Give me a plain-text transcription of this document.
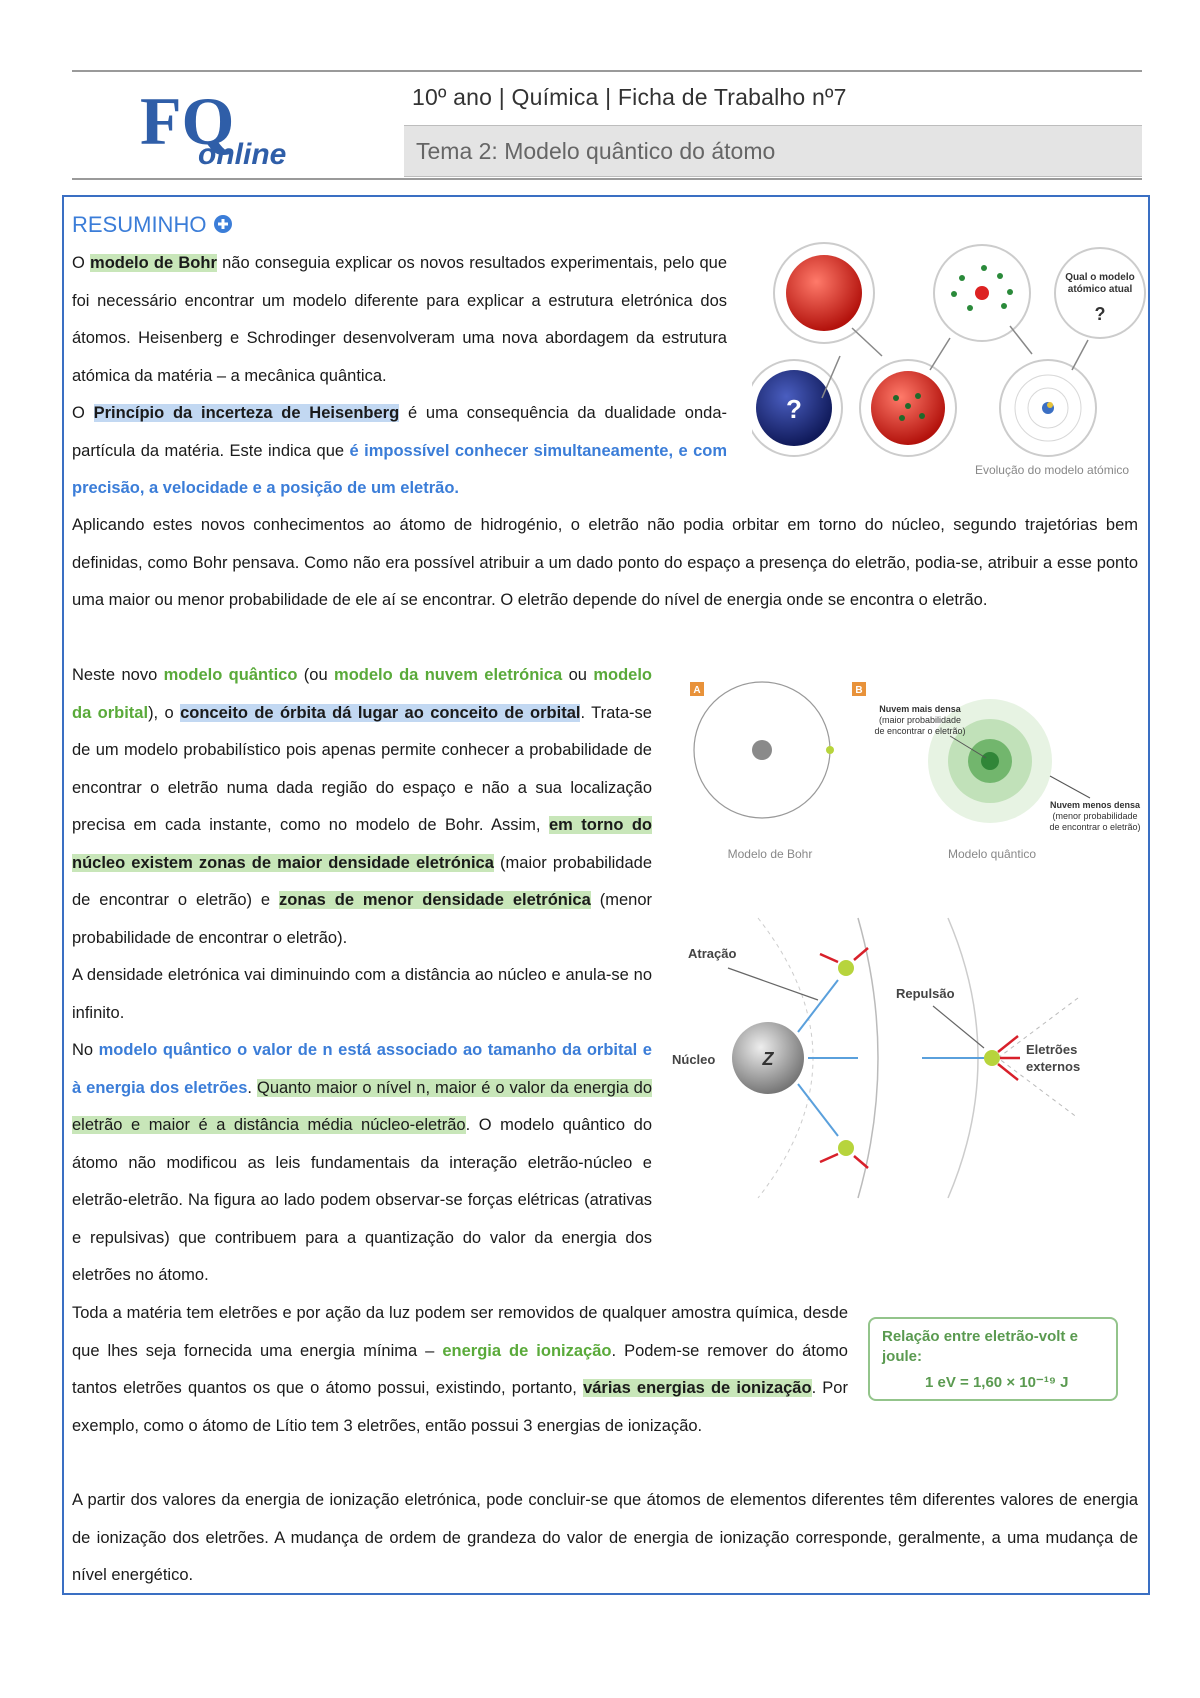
FQ
online
10º ano | Química | Ficha de Trabalho nº7
Tema 2: Modelo quântico do átomo
RESUMINHO

O modelo de Bohr não conseguia explicar os novos resultados experimentais, pelo que foi necessário encontrar um modelo diferente para explicar a estrutura eletrónica dos átomos. Heisenberg e Schrodinger desenvolveram uma nova abordagem da estrutura atómica da matéria – a mecânica quântica.

O Princípio da incerteza de Heisenberg é uma consequência da dualidade onda-partícula da matéria. Este indica que é impossível conhecer simultaneamente, e com precisão, a velocidade e a posição de um eletrão.

Aplicando estes novos conhecimentos ao átomo de hidrogénio, o eletrão não podia orbitar em torno do núcleo, segundo trajetórias bem definidas, como Bohr pensava. Como não era possível atribuir a um dado ponto do espaço a presença do eletrão, podia-se, atribuir a esse ponto uma maior ou menor probabilidade de ele aí se encontrar. O eletrão depende do nível de energia onde se encontra o eletrão.

Neste novo modelo quântico (ou modelo da nuvem eletrónica ou modelo da orbital), o conceito de órbita dá lugar ao conceito de orbital. Trata-se de um modelo probabilístico pois apenas permite conhecer a probabilidade de encontrar o eletrão numa dada região do espaço e não a sua localização precisa em cada instante, como no modelo de Bohr. Assim, em torno do núcleo existem zonas de maior densidade eletrónica (maior probabilidade de encontrar o eletrão) e zonas de menor densidade eletrónica (menor probabilidade de encontrar o eletrão).

A densidade eletrónica vai diminuindo com a distância ao núcleo e anula-se no infinito.

No modelo quântico o valor de n está associado ao tamanho da orbital e à energia dos eletrões. Quanto maior o nível n, maior é o valor da energia do eletrão e maior é a distância média núcleo-eletrão. O modelo quântico do átomo não modificou as leis fundamentais da interação eletrão-núcleo e eletrão-eletrão. Na figura ao lado podem observar-se forças elétricas (atrativas e repulsivas) que contribuem para a quantização do valor da energia dos eletrões no átomo.

Toda a matéria tem eletrões e por ação da luz podem ser removidos de qualquer amostra química, desde que lhes seja fornecida uma energia mínima – energia de ionização. Podem-se remover do átomo tantos eletrões quantos os que o átomo possui, existindo, portanto, várias energias de ionização. Por exemplo, como o átomo de Lítio tem 3 eletrões, então possui 3 energias de ionização.

A partir dos valores da energia de ionização eletrónica, pode concluir-se que átomos de elementos diferentes têm diferentes valores de energia de ionização dos eletrões. A mudança de ordem de grandeza do valor de energia de ionização corresponde, geralmente, a uma mudança de nível energético.

Qual o modelo
atómico atual
?
?
Evolução do modelo atómico
A	B
Nuvem mais densa
(maior probabilidade
de encontrar o eletrão)
Nuvem menos densa
(menor probabilidade
de encontrar o eletrão)
Modelo de Bohr	Modelo quântico
Z
Atração
Repulsão
Núcleo
Eletrões
externos
Relação entre eletrão-volt e joule:
1 eV = 1,60 × 10⁻¹⁹ J
